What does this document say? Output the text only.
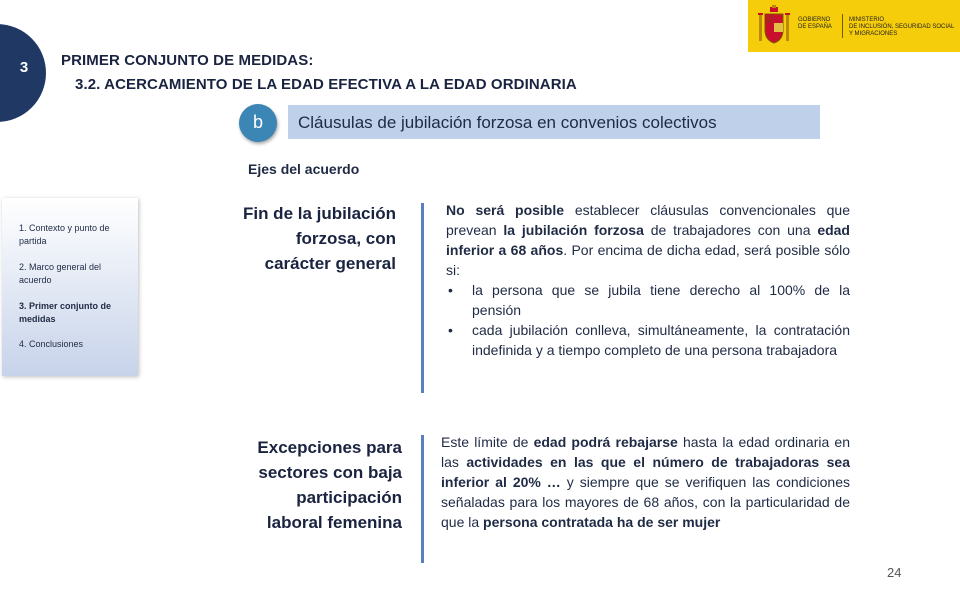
3 PRIMER CONJUNTO DE MEDIDAS:
3.2. ACERCAMIENTO DE LA EDAD EFECTIVA A LA EDAD ORDINARIA
GOBIERNO
DE ESPAÑA
MINISTERIO
DE INCLUSIÓN, SEGURIDAD SOCIAL
Y MIGRACIONES
b	Cláusulas de jubilación forzosa en convenios colectivos
Ejes del acuerdo
1. Contexto y punto de partida
2. Marco general del acuerdo
3. Primer conjunto de medidas
4. Conclusiones
Fin de la jubilación
forzosa, con
carácter general

No será posible establecer cláusulas convencionales que prevean la jubilación forzosa de trabajadores con una edad inferior a 68 años. Por encima de dicha edad, será posible sólo si:

• la persona que se jubila tiene derecho al 100% de la pensión
• cada jubilación conlleva, simultáneamente, la contratación indefinida y a tiempo completo de una persona trabajadora
Excepciones para
sectores con baja
participación
laboral femenina

Este límite de edad podrá rebajarse hasta la edad ordinaria en las actividades en las que el número de trabajadoras sea inferior al 20% … y siempre que se verifiquen las condiciones señaladas para los mayores de 68 años, con la particularidad de que la persona contratada ha de ser mujer

24
